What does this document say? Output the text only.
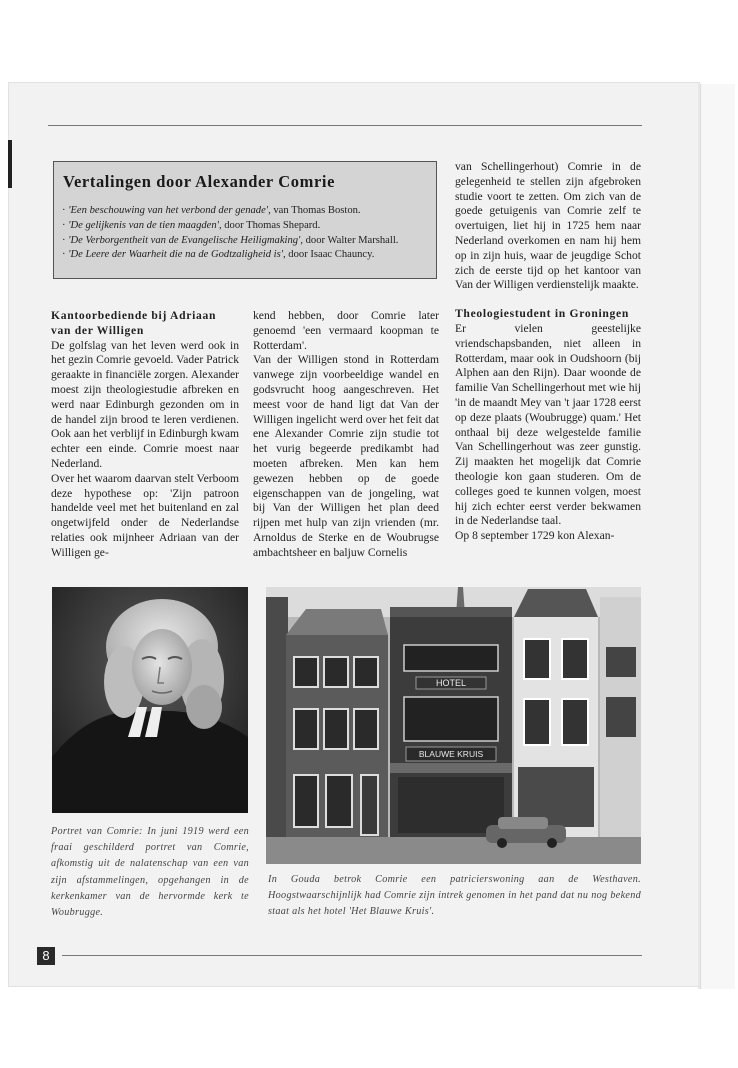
Vertalingen door Alexander Comrie
· 'Een beschouwing van het verbond der genade', van Thomas Boston.
· 'De gelijkenis van de tien maagden', door Thomas Shepard.
· 'De Verborgentheit van de Evangelische Heiligmaking', door Walter Marshall.
· 'De Leere der Waarheit die na de Godtzaligheid is', door Isaac Chauncy.
Kantoorbediende bij Adriaan van der Willigen

De golfslag van het leven werd ook in het gezin Comrie gevoeld. Vader Patrick geraakte in financiële zorgen. Alexander moest zijn theologiestudie afbreken en werd naar Edinburgh gezonden om in de handel zijn brood te leren verdienen. Ook aan het verblijf in Edinburgh kwam echter een einde. Comrie moest naar Nederland.

Over het waarom daarvan stelt Verboom deze hypothese op: 'Zijn patroon handelde veel met het buitenland en zal ongetwijfeld onder de Nederlandse relaties ook mijnheer Adriaan van der Willigen ge-

kend hebben, door Comrie later genoemd 'een vermaard koopman te Rotterdam'.

Van der Willigen stond in Rotterdam vanwege zijn voorbeeldige wandel en godsvrucht hoog aangeschreven. Het meest voor de hand ligt dat Van der Willigen ingelicht werd over het feit dat ene Alexander Comrie zijn studie tot het vurig begeerde predikambt had moeten afbreken. Men kan hem gewezen hebben op de goede eigenschappen van de jongeling, wat bij Van der Willigen het plan deed rijpen met hulp van zijn vrienden (mr. Arnoldus de Sterke en de Woubrugse ambachtsheer en baljuw Cornelis

van Schellingerhout) Comrie in de gelegenheid te stellen zijn afgebroken studie voort te zetten. Om zich van de goede getuigenis van Comrie zelf te overtuigen, liet hij in 1725 hem naar Nederland overkomen en nam hij hem op in zijn huis, waar de jeugdige Schot zich de eerste tijd op het kantoor van Van der Willigen verdienstelijk maakte.

Theologiestudent in Groningen

Er vielen geestelijke vriendschapsbanden, niet alleen in Rotterdam, maar ook in Oudshoorn (bij Alphen aan den Rijn). Daar woonde de familie Van Schellingerhout met wie hij 'in de maandt Mey van 't jaar 1728 eerst op deze plaats (Woubrugge) quam.' Het onthaal bij deze welgestelde familie Van Schellingerhout was zeer gunstig. Zij maakten het mogelijk dat Comrie theologie kon gaan studeren. Om de colleges goed te kunnen volgen, moest hij zich echter eerst verder bekwamen in de Nederlandse taal.

Op 8 september 1729 kon Alexan-

HOTEL
BLAUWE KRUIS
Portret van Comrie: In juni 1919 werd een fraai geschilderd portret van Comrie, afkomstig uit de nalatenschap van een van zijn afstammelingen, opgehangen in de kerkenkamer van de hervormde kerk te Woubrugge.
In Gouda betrok Comrie een patricierswoning aan de Westhaven. Hoogstwaarschijnlijk had Comrie zijn intrek genomen in het pand dat nu nog bekend staat als het hotel 'Het Blauwe Kruis'.
8
